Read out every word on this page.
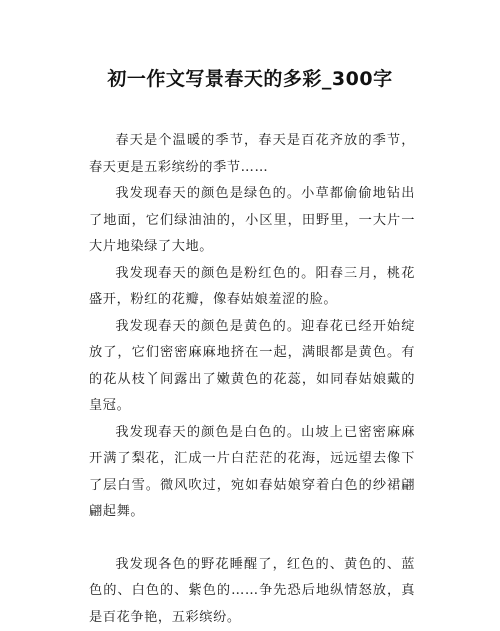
初一作文写景春天的多彩_300字

春天是个温暖的季节，春天是百花齐放的季节，春天更是五彩缤纷的季节……

我发现春天的颜色是绿色的。小草都偷偷地钻出了地面，它们绿油油的，小区里，田野里，一大片一大片地染绿了大地。

我发现春天的颜色是粉红色的。阳春三月，桃花盛开，粉红的花瓣，像春姑娘羞涩的脸。

我发现春天的颜色是黄色的。迎春花已经开始绽放了，它们密密麻麻地挤在一起，满眼都是黄色。有的花从枝丫间露出了嫩黄色的花蕊，如同春姑娘戴的皇冠。

我发现春天的颜色是白色的。山坡上已密密麻麻开满了梨花，汇成一片白茫茫的花海，远远望去像下了层白雪。微风吹过，宛如春姑娘穿着白色的纱裙翩翩起舞。

我发现各色的野花睡醒了，红色的、黄色的、蓝色的、白色的、紫色的……争先恐后地纵情怒放，真是百花争艳，五彩缤纷。
